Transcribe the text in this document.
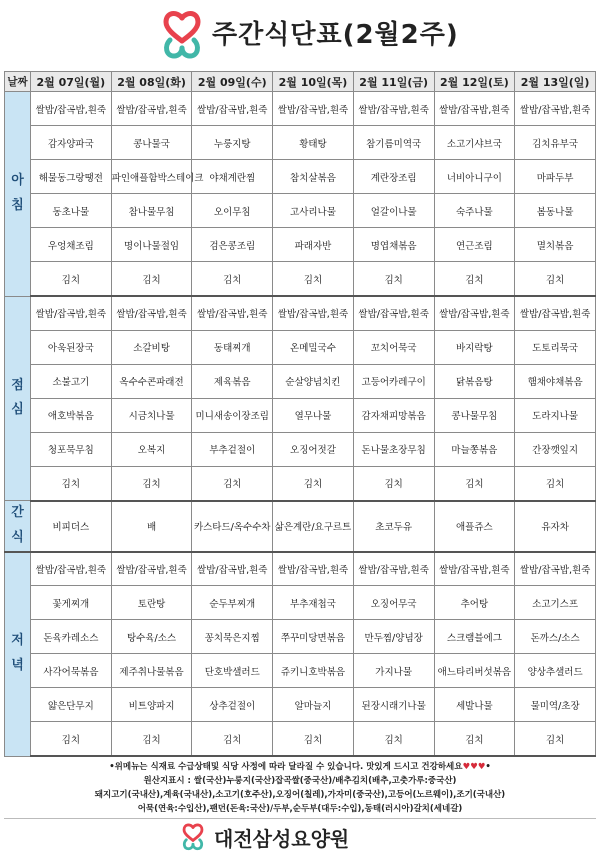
주간식단표(2월2주)
날짜	2월 07일(월)	2월 08일(화)	2월 09일(수)	2월 10일(목)	2월 11일(금)	2월 12일(토)	2월 13일(일)
아침	쌀밥/잡곡밥,흰죽	쌀밥/잡곡밥,흰죽	쌀밥/잡곡밥,흰죽	쌀밥/잡곡밥,흰죽	쌀밥/잡곡밥,흰죽	쌀밥/잡곡밥,흰죽	쌀밥/잡곡밥,흰죽
	감자양파국	콩나물국	누룽지탕	황태탕	참기름미역국	소고기샤브국	김치유부국
	해물동그랑땡전	파인애플함박스테이크	야채계란찜	참치살볶음	계란장조림	너비아니구이	마파두부
	동초나물	참나물무침	오이무침	고사리나물	얼갈이나물	숙주나물	봄동나물
	우엉채조림	명이나물절임	검은콩조림	파래자반	명엽채볶음	연근조림	멸치볶음
	김치	김치	김치	김치	김치	김치	김치
점심	쌀밥/잡곡밥,흰죽	쌀밥/잡곡밥,흰죽	쌀밥/잡곡밥,흰죽	쌀밥/잡곡밥,흰죽	쌀밥/잡곡밥,흰죽	쌀밥/잡곡밥,흰죽	쌀밥/잡곡밥,흰죽
	아욱된장국	소갈비탕	동태찌개	온메밀국수	꼬치어묵국	바지락탕	도토리묵국
	소불고기	옥수수콘파래전	제육볶음	순살양념치킨	고등어카레구이	닭볶음탕	햄채야채볶음
	애호박볶음	시금치나물	미니새송이장조림	열무나물	감자채피망볶음	콩나물무침	도라지나물
	청포묵무침	오복지	부추겉절이	오징어젓갈	돈나물초장무침	마늘쫑볶음	간장깻잎지
	김치	김치	김치	김치	김치	김치	김치
간식	비피더스	배	카스타드/옥수수차	삶은계란/요구르트	초코두유	애플쥬스	유자차
저녁	쌀밥/잡곡밥,흰죽	쌀밥/잡곡밥,흰죽	쌀밥/잡곡밥,흰죽	쌀밥/잡곡밥,흰죽	쌀밥/잡곡밥,흰죽	쌀밥/잡곡밥,흰죽	쌀밥/잡곡밥,흰죽
	꽃게찌개	토란탕	순두부찌개	부추재첩국	오징어무국	추어탕	소고기스프
	돈육카레소스	탕수육/소스	꽁치묵은지찜	쭈꾸미당면볶음	만두찜/양념장	스크램블에그	돈까스/소스
	사각어묵볶음	제주취나물볶음	단호박샐러드	쥬키니호박볶음	가지나물	애느타리버섯볶음	양상추샐러드
	얇은단무지	비트양파지	상추겉절이	알마늘지	된장시래기나물	세발나물	물미역/초장
	김치	김치	김치	김치	김치	김치	김치
•위메뉴는 식재료 수급상태및 식당 사정에 따라 달라질 수 있습니다. 맛있게 드시고 건강하세요♥♥♥•
원산지표시 : 쌀(국산)누룽지(국산)잡곡쌀(중국산)/배추김치(배추,고춧가루:중국산)
돼지고기(국내산),계육(국내산),소고기(호주산),오징어(칠레),가자미(중국산),고등어(노르웨이),조기(국내산)
어묵(연육:수입산),팬던(돈육:국산)/두부,순두부(대두:수입),동태(러시아)갈치(세네갈)
대전삼성요양원
